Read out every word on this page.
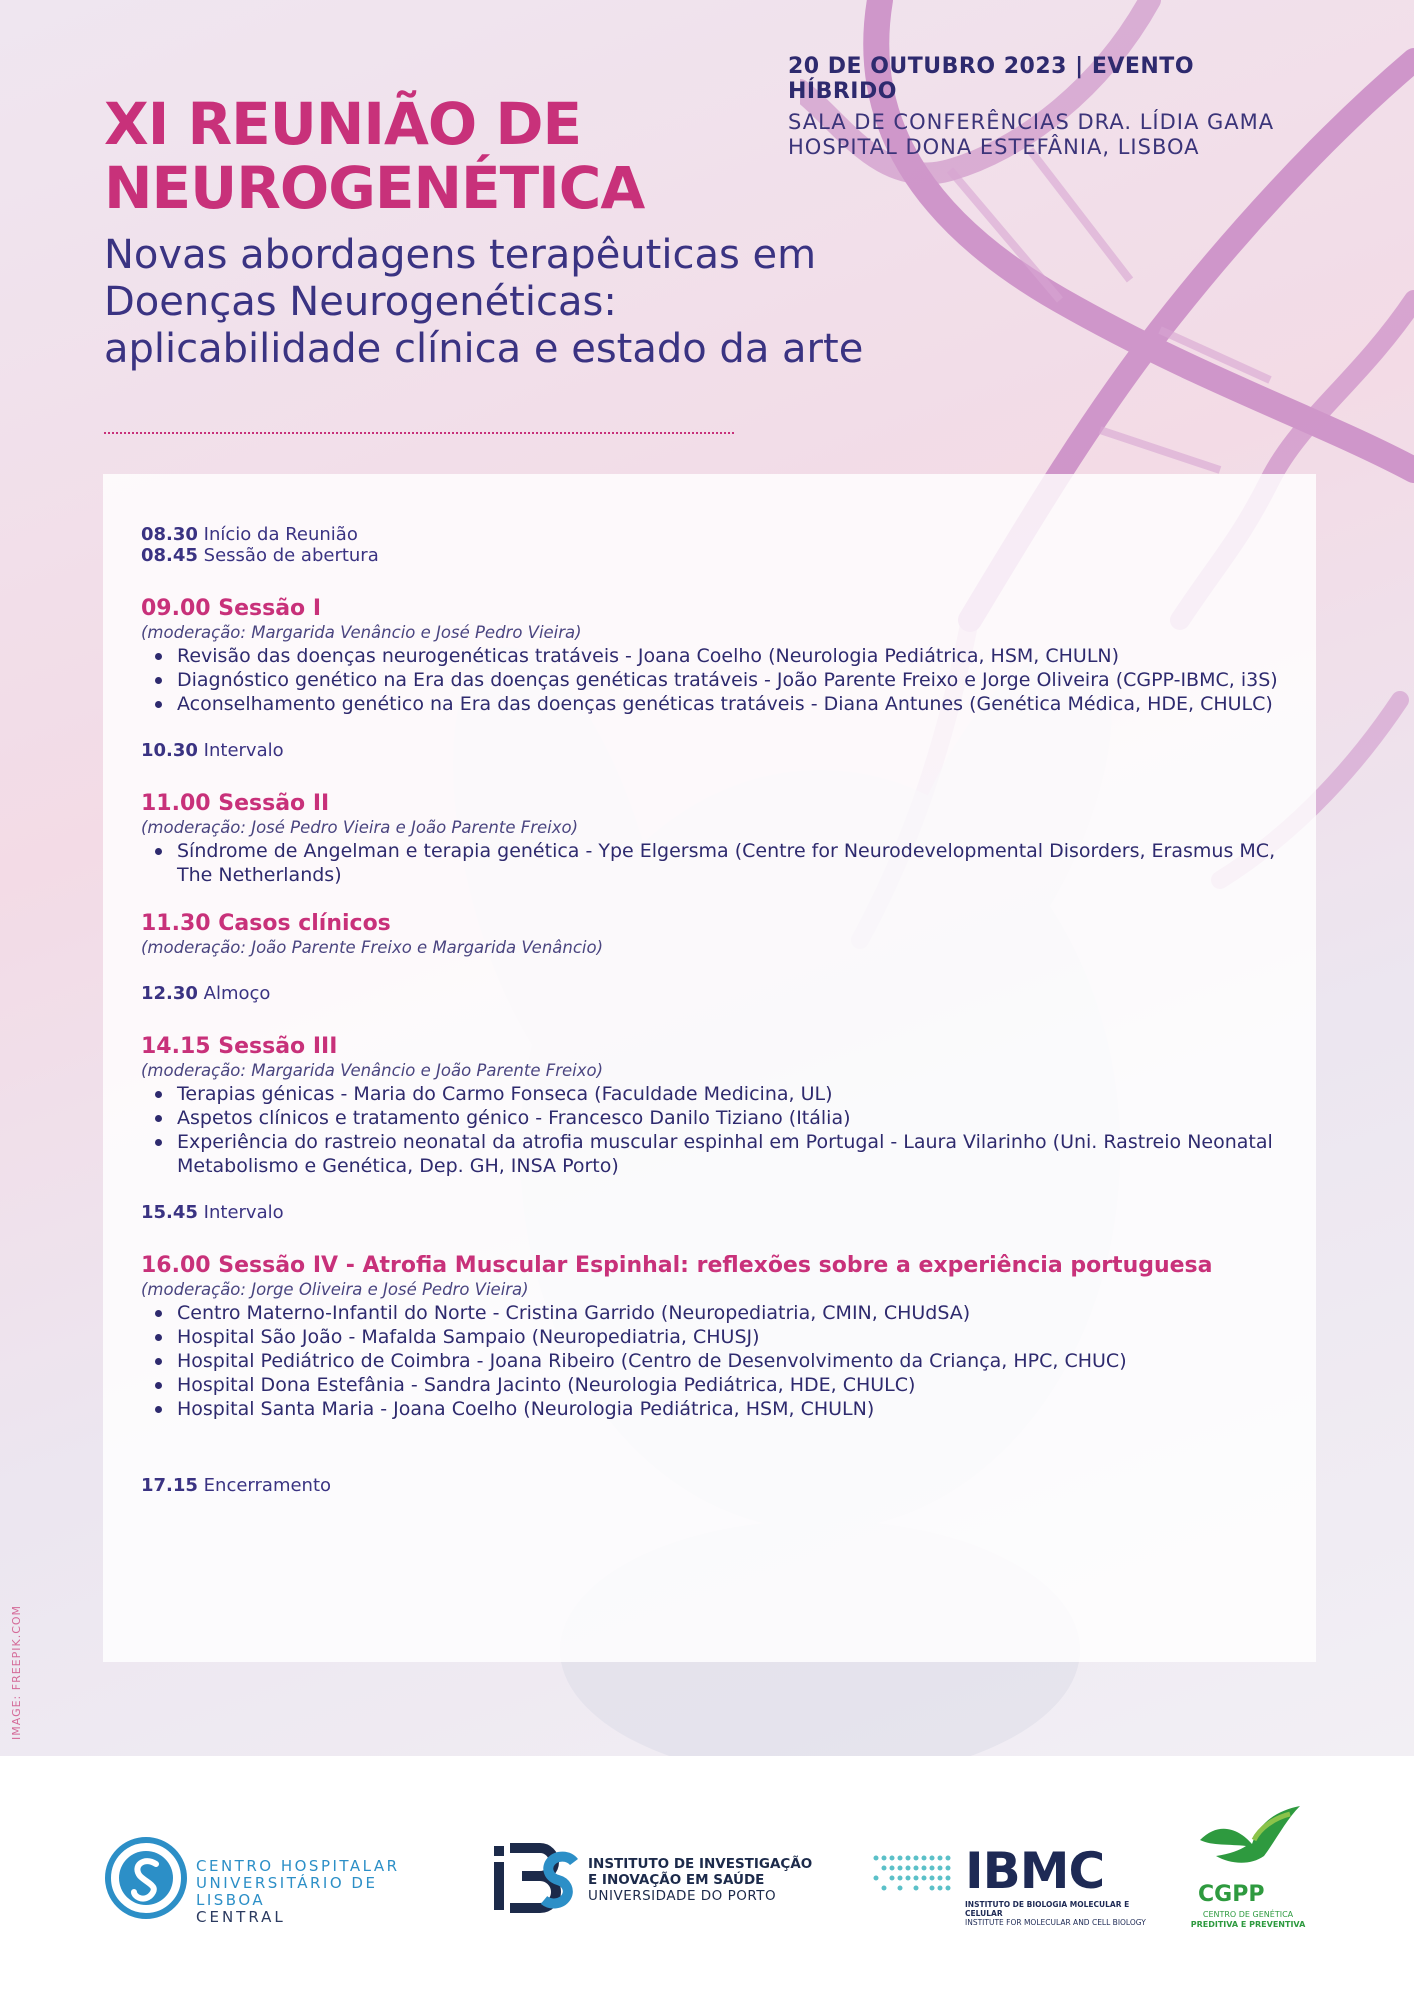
20 DE OUTUBRO 2023 | EVENTO HÍBRIDO
SALA DE CONFERÊNCIAS DRA. LÍDIA GAMA
HOSPITAL DONA ESTEFÂNIA, LISBOA
XI REUNIÃO DE
NEUROGENÉTICA
Novas abordagens terapêuticas em
Doenças Neurogenéticas:
aplicabilidade clínica e estado da arte
08.30 Início da Reunião
08.45 Sessão de abertura
09.00 Sessão I
(moderação: Margarida Venâncio e José Pedro Vieira)
Revisão das doenças neurogenéticas tratáveis - Joana Coelho (Neurologia Pediátrica, HSM, CHULN)
Diagnóstico genético na Era das doenças genéticas tratáveis - João Parente Freixo e Jorge Oliveira (CGPP-IBMC, i3S)
Aconselhamento genético na Era das doenças genéticas tratáveis - Diana Antunes (Genética Médica, HDE, CHULC)
10.30 Intervalo
11.00 Sessão II
(moderação: José Pedro Vieira e João Parente Freixo)
Síndrome de Angelman e terapia genética - Ype Elgersma (Centre for Neurodevelopmental Disorders, Erasmus MC, The Netherlands)
11.30 Casos clínicos
(moderação: João Parente Freixo e Margarida Venâncio)
12.30 Almoço
14.15 Sessão III
(moderação: Margarida Venâncio e João Parente Freixo)
Terapias génicas - Maria do Carmo Fonseca (Faculdade Medicina, UL)
Aspetos clínicos e tratamento génico - Francesco Danilo Tiziano (Itália)
Experiência do rastreio neonatal da atrofia muscular espinhal em Portugal - Laura Vilarinho (Uni. Rastreio Neonatal Metabolismo e Genética, Dep. GH, INSA Porto)
15.45 Intervalo
16.00 Sessão IV - Atrofia Muscular Espinhal: reflexões sobre a experiência portuguesa
(moderação: Jorge Oliveira e José Pedro Vieira)
Centro Materno-Infantil do Norte - Cristina Garrido (Neuropediatria, CMIN, CHUdSA)
Hospital São João - Mafalda Sampaio (Neuropediatria, CHUSJ)
Hospital Pediátrico de Coimbra - Joana Ribeiro (Centro de Desenvolvimento da Criança, HPC, CHUC)
Hospital Dona Estefânia - Sandra Jacinto (Neurologia Pediátrica, HDE, CHULC)
Hospital Santa Maria - Joana Coelho (Neurologia Pediátrica, HSM, CHULN)
17.15 Encerramento
IMAGE: FREEPIK.COM
CENTRO HOSPITALAR
UNIVERSITÁRIO DE LISBOA
CENTRAL
INSTITUTO DE INVESTIGAÇÃO
E INOVAÇÃO EM SAÚDE
UNIVERSIDADE DO PORTO	IBMC
INSTITUTO DE BIOLOGIA MOLECULAR E CELULAR
INSTITUTE FOR MOLECULAR AND CELL BIOLOGY
CGPP
CENTRO DE GENÉTICA
PREDITIVA E PREVENTIVA
